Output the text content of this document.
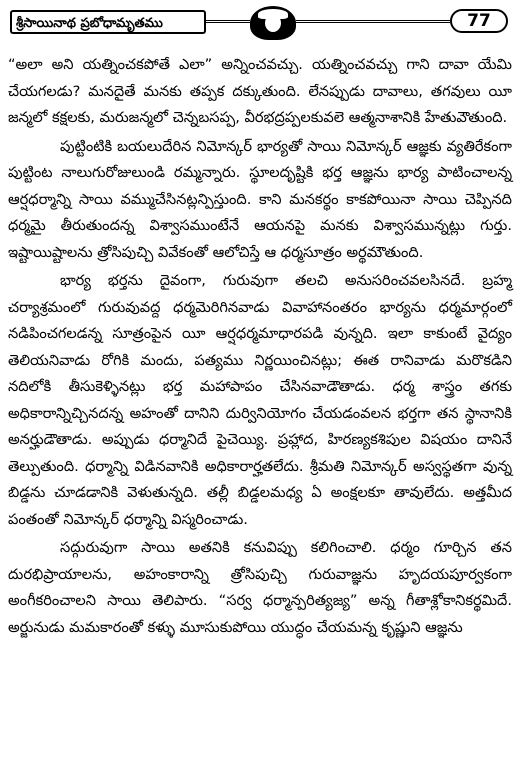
శ్రీసాయినాథ ప్రబోధామృతము	77

“అలా అని యత్నించకపోతే ఎలా” అన్నించవచ్చు. యత్నించవచ్చు గాని దావా యేమి చేయగలడు? మనదైతే మనకు తప్పక దక్కుతుంది. లేనప్పుడు దావాలు, తగవులు యీ జన్మలో కక్షలకు, మరుజన్మలో చెన్నబసప్ప, వీరభద్రప్పలకువలె ఆత్మనాశానికి హేతువౌతుంది.

పుట్టింటికి బయలుదేరిన నిమోన్కర్ భార్యతో సాయి నిమోన్కర్ ఆజ్ఞకు వ్యతిరేకంగా పుట్టింట నాలుగురోజులుండి రమ్మన్నారు. స్థూలదృష్టికి భర్త ఆజ్ఞను భార్య పాటించాలన్న ఆర్షధర్మాన్ని సాయి వమ్ముచేసినట్లన్పిస్తుంది. కాని మనకర్థం కాకపోయినా సాయి చెప్పినది ధర్మమై తీరుతుందన్న విశ్వాసముంటేనే ఆయనపై మనకు విశ్వాసమున్నట్లు గుర్తు. ఇష్టాయిష్టాలను త్రోసిపుచ్చి వివేకంతో ఆలోచిస్తే ఆ ధర్మసూత్రం అర్థమౌతుంది.

భార్య భర్తను దైవంగా, గురువుగా తలచి అనుసరించవలసినదే. బ్రహ్మ చర్యాశ్రమంలో గురువువద్ద ధర్మమెరిగినవాడు వివాహానంతరం భార్యను ధర్మమార్గంలో నడిపించగలడన్న సూత్రంపైన యీ ఆర్షధర్మమాధారపడి వున్నది. ఇలా కాకుంటే వైద్యం తెలియనివాడు రోగికి మందు, పత్యము నిర్ణయించినట్లు; ఈత రానివాడు మరొకడిని నదిలోకి తీసుకెళ్ళినట్లు భర్త మహాపాపం చేసినవాడౌతాడు. ధర్మ శాస్త్రం తగకు అధికారాన్నిచ్చినదన్న అహంతో దానిని దుర్వినియోగం చేయడంవలన భర్తగా తన స్థానానికి అనర్హుడౌతాడు. అప్పుడు ధర్మానిదే పైచెయ్యి. ప్రహ్లాద, హిరణ్యకశిపుల విషయం దానినే తెల్పుతుంది. ధర్మాన్ని విడినవానికి అధికారార్హతలేదు. శ్రీమతి నిమోన్కర్ అస్వస్థతగా వున్న బిడ్డను చూడడానికి వెళుతున్నది. తల్లీ బిడ్డలమధ్య ఏ అంక్షలకూ తావులేదు. అత్తమీద పంతంతో నిమోన్కర్ ధర్మాన్ని విస్మరించాడు.

సద్గురువుగా సాయి అతనికి కనువిప్పు కలిగించాలి. ధర్మం గూర్చిన తన దురభిప్రాయాలను, అహంకారాన్ని త్రోసిపుచ్చి గురువాజ్ఞను హృదయపూర్వకంగా అంగీకరించాలని సాయి తెలిపారు. “సర్వ ధర్మాన్పరిత్యజ్య” అన్న గీతాశ్లోకానికర్థమిదే. అర్జునుడు మమకారంతో కళ్ళు మూసుకుపోయి యుద్ధం చేయమన్న కృష్ణుని ఆజ్ఞను
